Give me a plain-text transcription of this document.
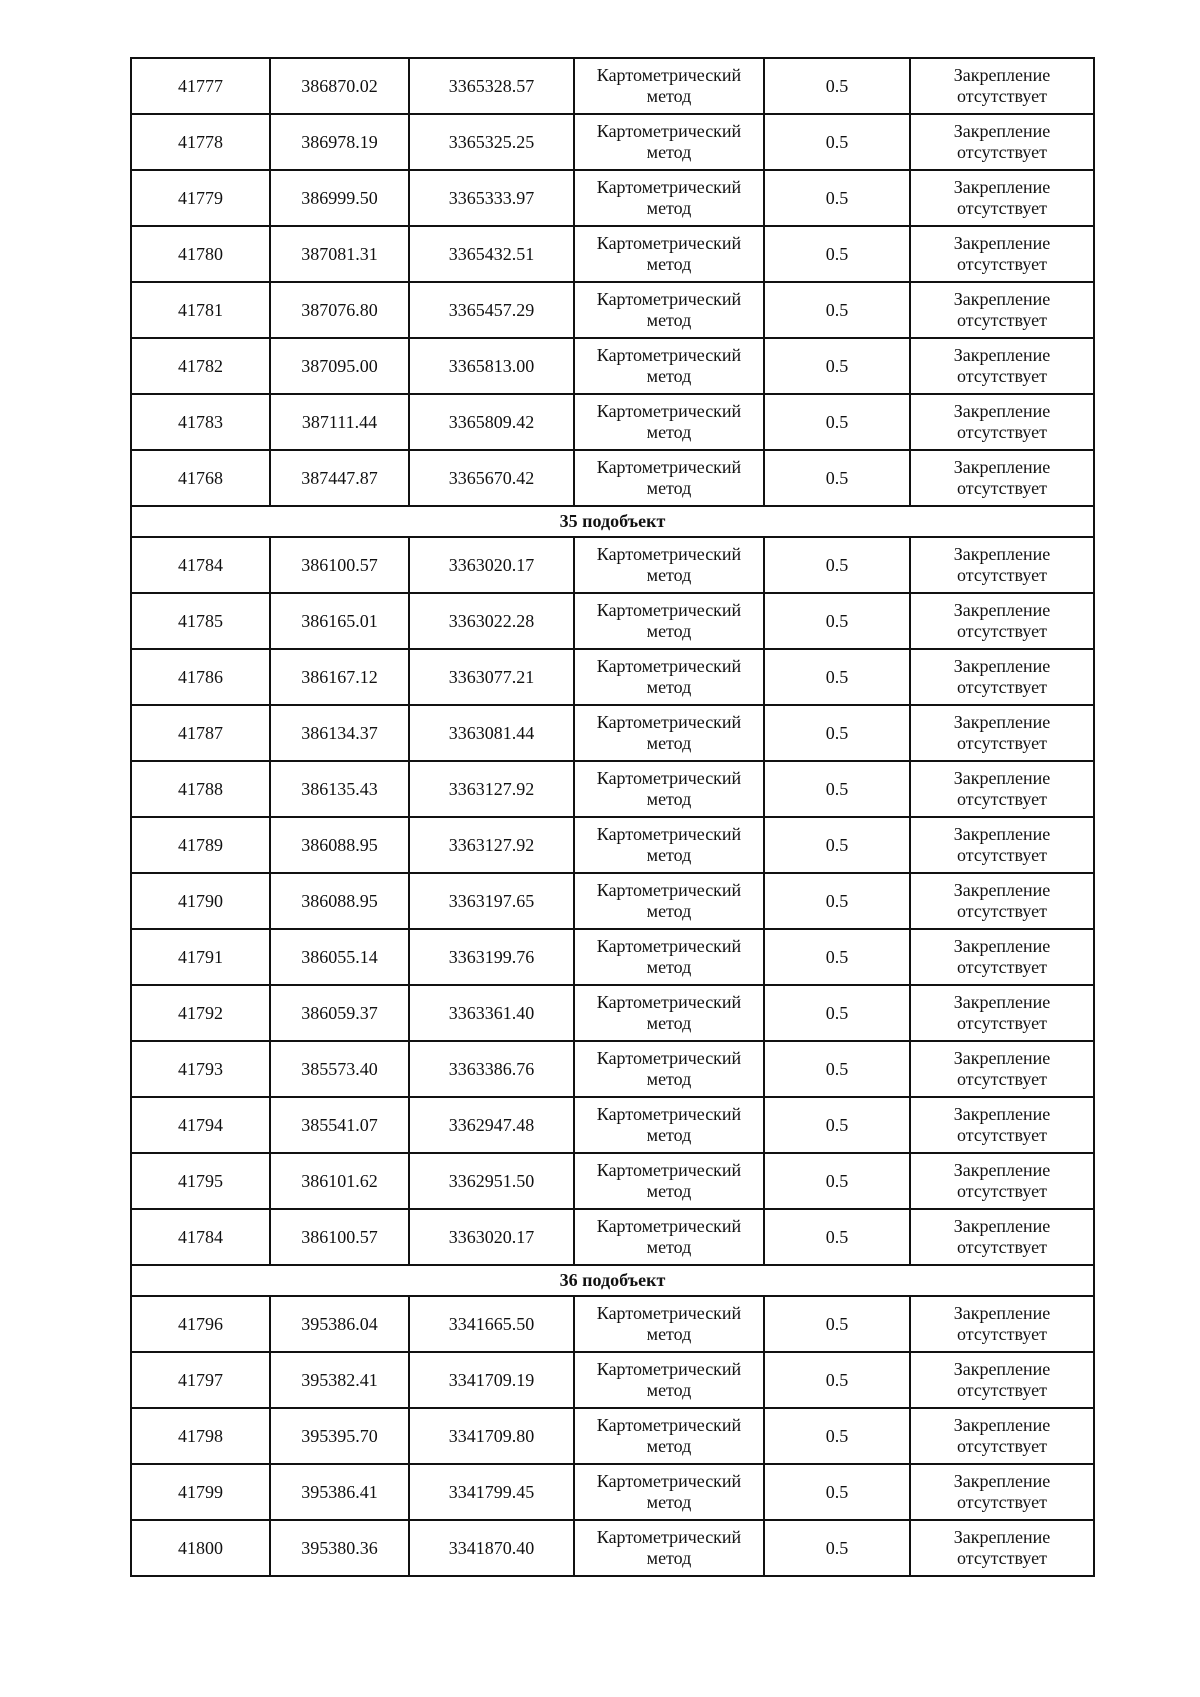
41777	386870.02	3365328.57	Картометрический метод	0.5	Закрепление отсутствует
41778	386978.19	3365325.25	Картометрический метод	0.5	Закрепление отсутствует
41779	386999.50	3365333.97	Картометрический метод	0.5	Закрепление отсутствует
41780	387081.31	3365432.51	Картометрический метод	0.5	Закрепление отсутствует
41781	387076.80	3365457.29	Картометрический метод	0.5	Закрепление отсутствует
41782	387095.00	3365813.00	Картометрический метод	0.5	Закрепление отсутствует
41783	387111.44	3365809.42	Картометрический метод	0.5	Закрепление отсутствует
41768	387447.87	3365670.42	Картометрический метод	0.5	Закрепление отсутствует
35 подобъект					
41784	386100.57	3363020.17	Картометрический метод	0.5	Закрепление отсутствует
41785	386165.01	3363022.28	Картометрический метод	0.5	Закрепление отсутствует
41786	386167.12	3363077.21	Картометрический метод	0.5	Закрепление отсутствует
41787	386134.37	3363081.44	Картометрический метод	0.5	Закрепление отсутствует
41788	386135.43	3363127.92	Картометрический метод	0.5	Закрепление отсутствует
41789	386088.95	3363127.92	Картометрический метод	0.5	Закрепление отсутствует
41790	386088.95	3363197.65	Картометрический метод	0.5	Закрепление отсутствует
41791	386055.14	3363199.76	Картометрический метод	0.5	Закрепление отсутствует
41792	386059.37	3363361.40	Картометрический метод	0.5	Закрепление отсутствует
41793	385573.40	3363386.76	Картометрический метод	0.5	Закрепление отсутствует
41794	385541.07	3362947.48	Картометрический метод	0.5	Закрепление отсутствует
41795	386101.62	3362951.50	Картометрический метод	0.5	Закрепление отсутствует
41784	386100.57	3363020.17	Картометрический метод	0.5	Закрепление отсутствует
36 подобъект					
41796	395386.04	3341665.50	Картометрический метод	0.5	Закрепление отсутствует
41797	395382.41	3341709.19	Картометрический метод	0.5	Закрепление отсутствует
41798	395395.70	3341709.80	Картометрический метод	0.5	Закрепление отсутствует
41799	395386.41	3341799.45	Картометрический метод	0.5	Закрепление отсутствует
41800	395380.36	3341870.40	Картометрический метод	0.5	Закрепление отсутствует
